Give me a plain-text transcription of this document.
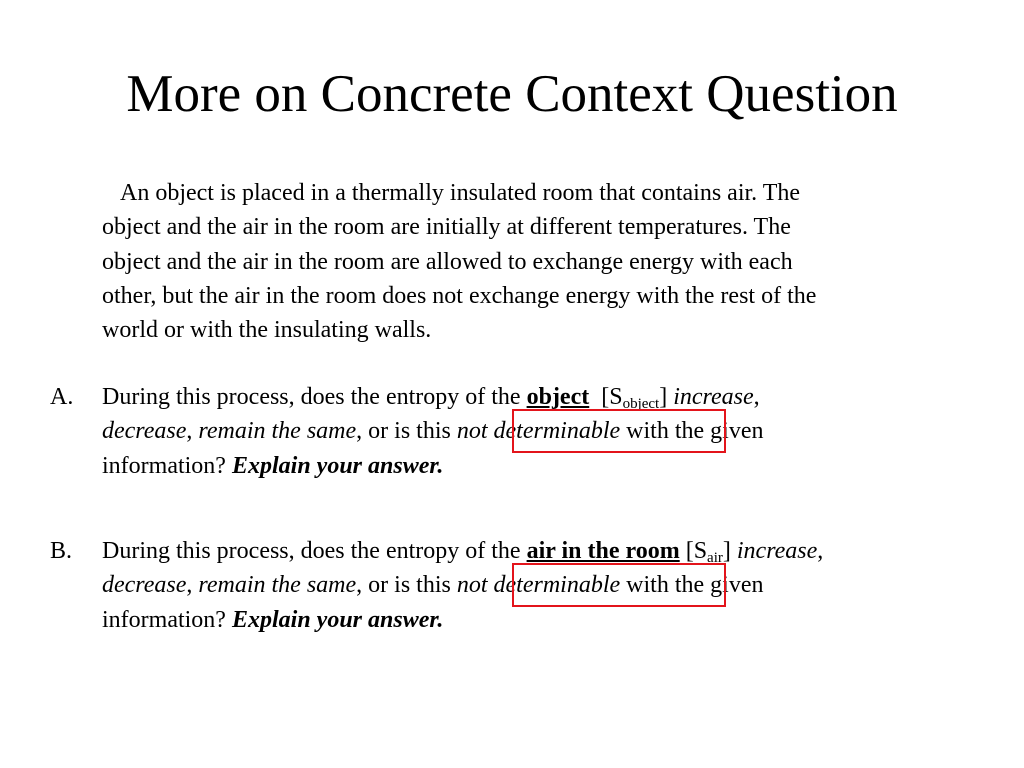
More on Concrete Context Question
An object is placed in a thermally insulated room that contains air. The
object and the air in the room are initially at different temperatures. The
object and the air in the room are allowed to exchange energy with each
other, but the air in the room does not exchange energy with the rest of the
world or with the insulating walls.
A. During this process, does the entropy of the object  $[S_{object}]$ increase,
decrease, remain the same, or is this not determinable with the given
information? Explain your answer.
B. During this process, does the entropy of the air in the room $[S_{air}]$ increase,
decrease, remain the same, or is this not determinable with the given
information? Explain your answer.
